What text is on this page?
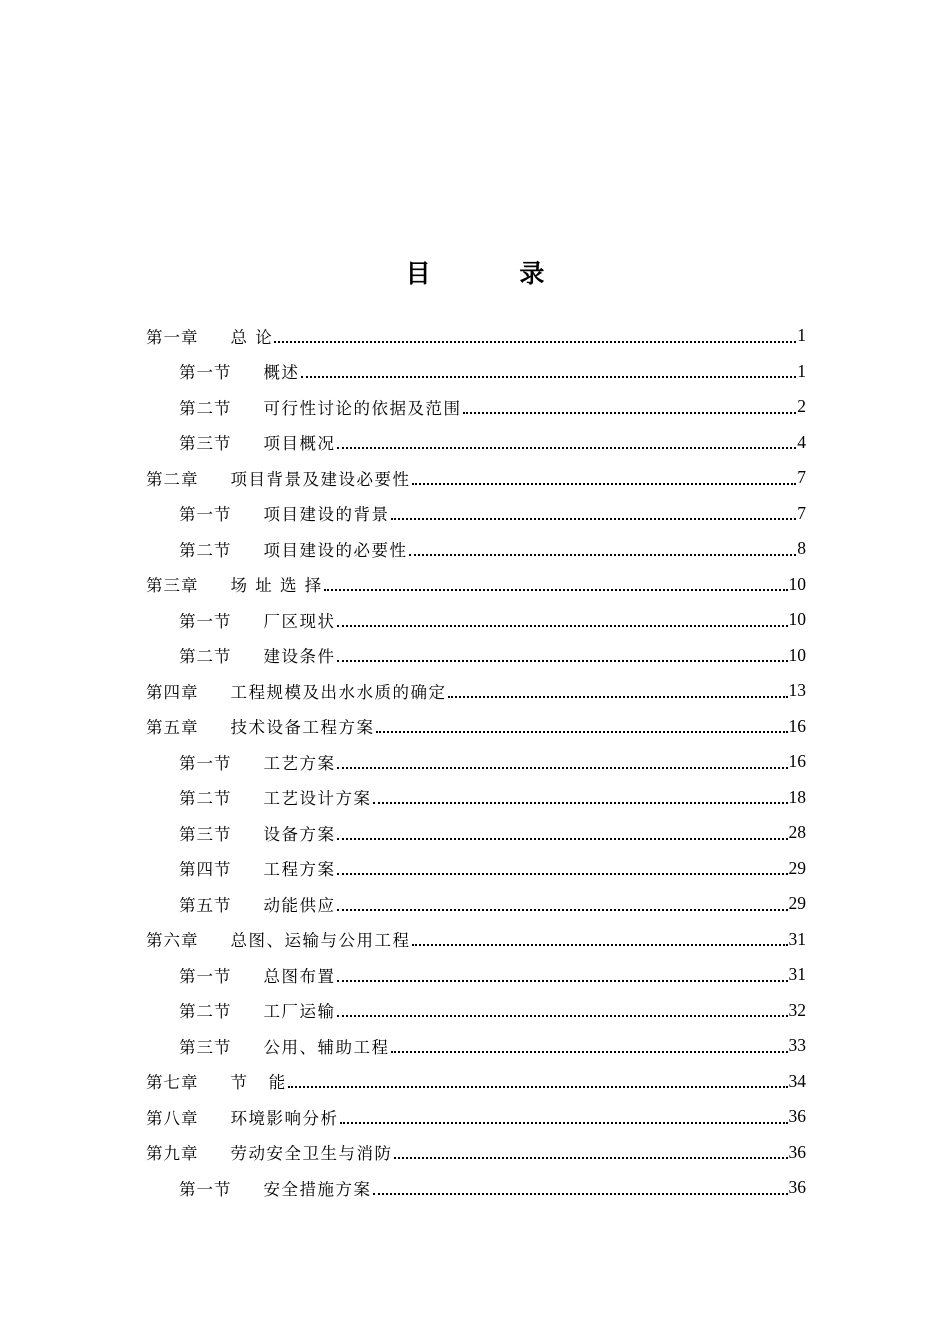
目 录
第一章 总 论	1
第一节 概述	1
第二节 可行性讨论的依据及范围	2
第三节 项目概况	4
第二章 项目背景及建设必要性	7
第一节 项目建设的背景	7
第二节 项目建设的必要性	8
第三章 场 址 选 择	10
第一节 厂区现状	10
第二节 建设条件	10
第四章 工程规模及出水水质的确定	13
第五章 技术设备工程方案	16
第一节 工艺方案	16
第二节 工艺设计方案	18
第三节 设备方案	28
第四节 工程方案	29
第五节 动能供应	29
第六章 总图、运输与公用工程	31
第一节 总图布置	31
第二节 工厂运输	32
第三节 公用、辅助工程	33
第七章 节   能	34
第八章 环境影响分析	36
第九章 劳动安全卫生与消防	36
第一节 安全措施方案	36
